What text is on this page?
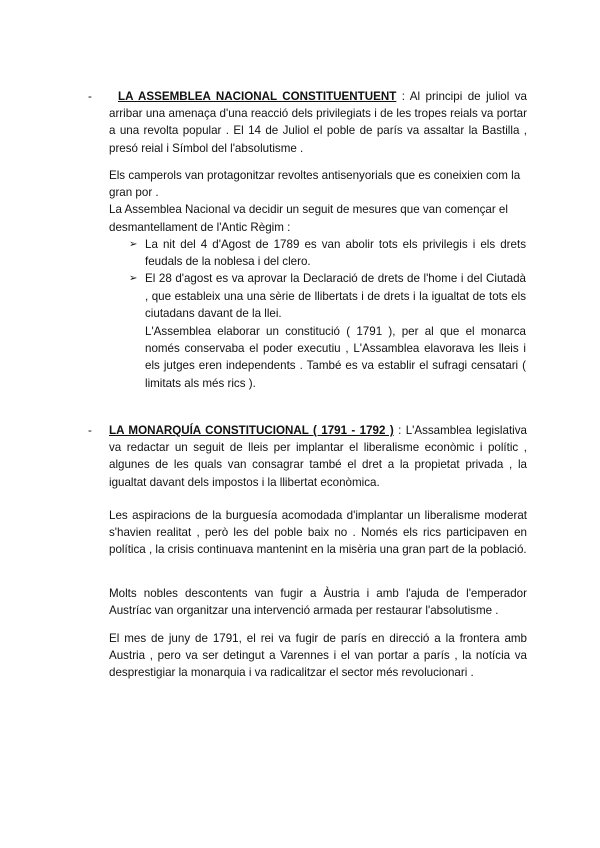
-	LA ASSEMBLEA NACIONAL CONSTITUENTUENT : Al principi de juliol va arribar una amenaça d'una reacció dels privilegiats i de les tropes reials va portar a una revolta popular . El 14 de Juliol el poble de parís va assaltar la Bastilla , presó reial i Símbol del l'absolutisme .

Els camperols van protagonitzar revoltes antisenyorials que es coneixien com la gran por .

La Assemblea Nacional va decidir un seguit de mesures que van començar el desmantellament de l'Antic Règim :

➢ La nit del 4 d'Agost de 1789 es van abolir tots els privilegis i els drets feudals de la noblesa i del clero.
➢ El 28 d'agost es va aprovar la Declaració de drets de l'home i del Ciutadà , que estableix una una sèrie de llibertats i de drets i la igualtat de tots els ciutadans davant de la llei.

L'Assemblea elaborar un constitució ( 1791 ), per al que el monarca només conservaba el poder executiu , L'Assamblea elavorava les lleis i els jutges eren independents . També es va establir el sufragi censatari ( limitats als més rics ).

- LA MONARQUÍA CONSTITUCIONAL ( 1791 - 1792 ) : L'Assamblea legislativa va redactar un seguit de lleis per implantar el liberalisme econòmic i polític , algunes de les quals van consagrar també el dret a la propietat privada , la igualtat davant dels impostos i la llibertat econòmica.

Les aspiracions de la burguesía acomodada d'implantar un liberalisme moderat s'havien realitat , però les del poble baix no . Només els rics participaven en política , la crisis continuava mantenint en la misèria una gran part de la població.

Molts nobles descontents van fugir a Àustria i amb l'ajuda de l'emperador Austríac van organitzar una intervenció armada per restaurar l'absolutisme .

El mes de juny de 1791, el rei va fugir de parís en direcció a la frontera amb Austria , pero va ser detingut a Varennes i el van portar a parís , la notícia va desprestigiar la monarquia i va radicalitzar el sector més revolucionari .
